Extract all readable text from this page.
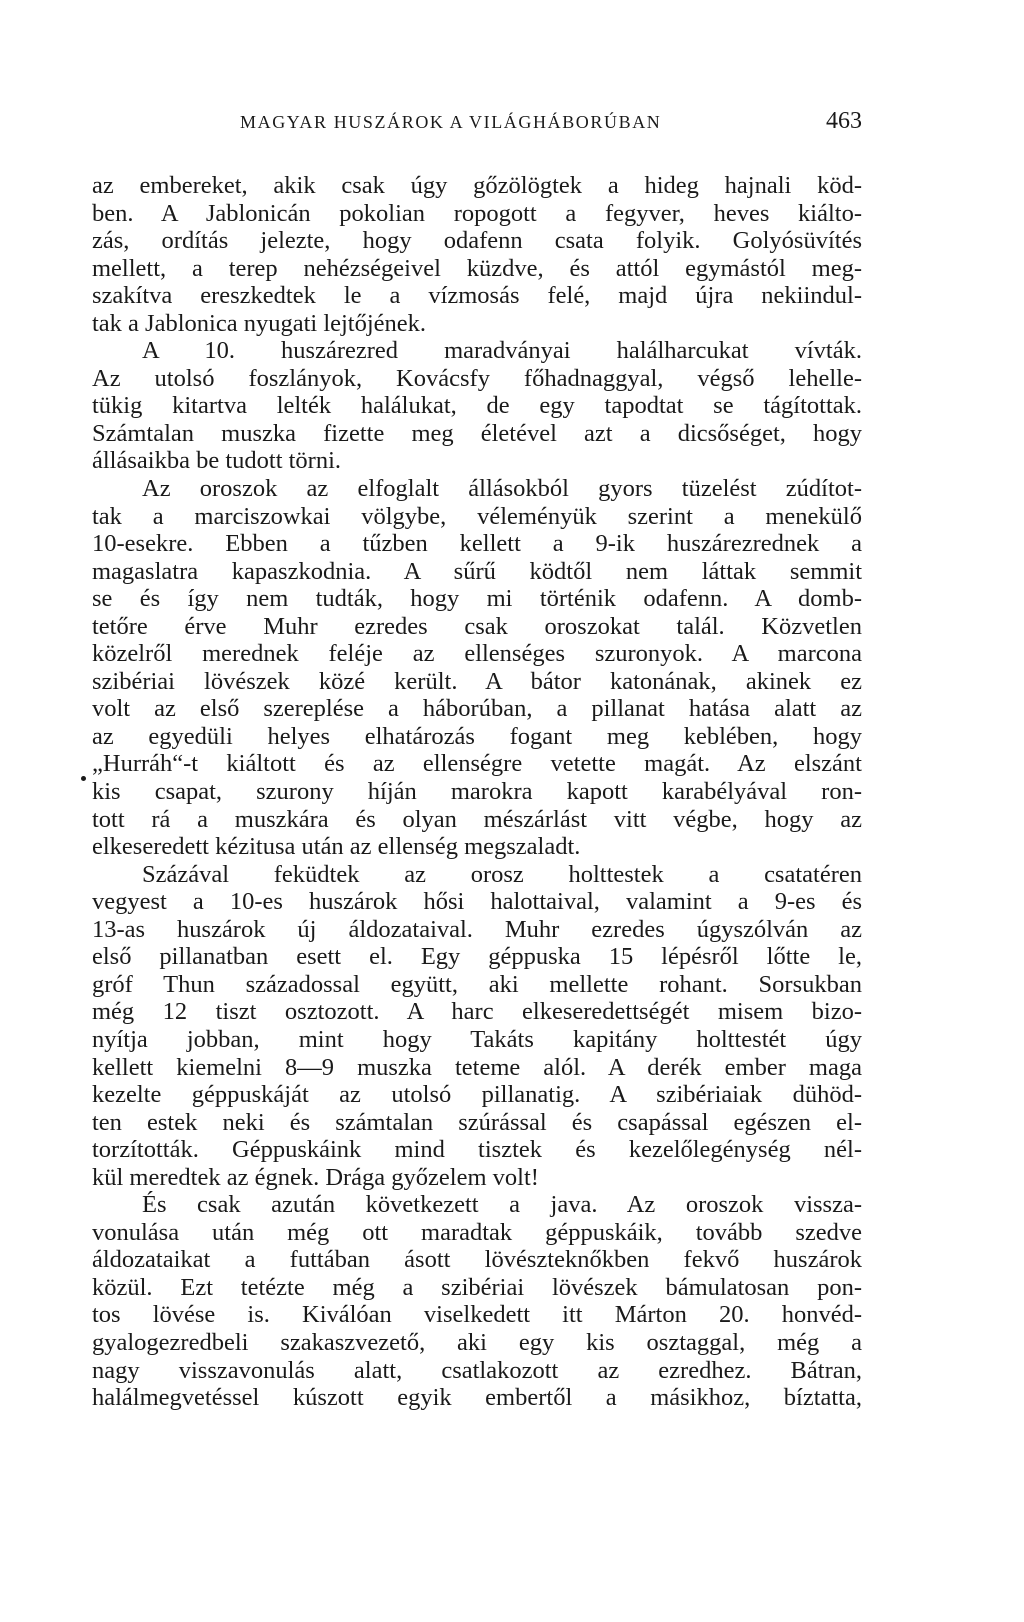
MAGYAR HUSZÁROK A VILÁGHÁBORÚBAN	463
az embereket, akik csak úgy gőzölögtek a hideg hajnali köd-
ben. A Jablonicán pokolian ropogott a fegyver, heves kiálto-
zás, ordítás jelezte, hogy odafenn csata folyik. Golyósüvítés
mellett, a terep nehézségeivel küzdve, és attól egymástól meg-
szakítva ereszkedtek le a vízmosás felé, majd újra nekiindul-
tak a Jablonica nyugati lejtőjének.
A 10. huszárezred maradványai halálharcukat vívták.
Az utolsó foszlányok, Kovácsfy főhadnaggyal, végső lehelle-
tükig kitartva lelték halálukat, de egy tapodtat se tágítottak.
Számtalan muszka fizette meg életével azt a dicsőséget, hogy
állásaikba be tudott törni.
Az oroszok az elfoglalt állásokból gyors tüzelést zúdítot-
tak a marciszowkai völgybe, véleményük szerint a menekülő
10-esekre. Ebben a tűzben kellett a 9-ik huszárezrednek a
magaslatra kapaszkodnia. A sűrű ködtől nem láttak semmit
se és így nem tudták, hogy mi történik odafenn. A domb-
tetőre érve Muhr ezredes csak oroszokat talál. Közvetlen
közelről merednek feléje az ellenséges szuronyok. A marcona
szibériai lövészek közé került. A bátor katonának, akinek ez
volt az első szereplése a háborúban, a pillanat hatása alatt az
az egyedüli helyes elhatározás fogant meg keblében, hogy
„Hurráh“-t kiáltott és az ellenségre vetette magát. Az elszánt
kis csapat, szurony híján marokra kapott karabélyával ron-
tott rá a muszkára és olyan mészárlást vitt végbe, hogy az
elkeseredett kézitusa után az ellenség megszaladt.
Százával feküdtek az orosz holttestek a csatatéren
vegyest a 10-es huszárok hősi halottaival, valamint a 9-es és
13-as huszárok új áldozataival. Muhr ezredes úgyszólván az
első pillanatban esett el. Egy géppuska 15 lépésről lőtte le,
gróf Thun századossal együtt, aki mellette rohant. Sorsukban
még 12 tiszt osztozott. A harc elkeseredettségét misem bizo-
nyítja jobban, mint hogy Takáts kapitány holttestét úgy
kellett kiemelni 8—9 muszka teteme alól. A derék ember maga
kezelte géppuskáját az utolsó pillanatig. A szibériaiak dühöd-
ten estek neki és számtalan szúrással és csapással egészen el-
torzították. Géppuskáink mind tisztek és kezelőlegénység nél-
kül meredtek az égnek. Drága győzelem volt!
És csak azután következett a java. Az oroszok vissza-
vonulása után még ott maradtak géppuskáik, tovább szedve
áldozataikat a futtában ásott lövészteknőkben fekvő huszárok
közül. Ezt tetézte még a szibériai lövészek bámulatosan pon-
tos lövése is. Kiválóan viselkedett itt Márton 20. honvéd-
gyalogezredbeli szakaszvezető, aki egy kis osztaggal, még a
nagy visszavonulás alatt, csatlakozott az ezredhez. Bátran,
halálmegvetéssel kúszott egyik embertől a másikhoz, bíztatta,
